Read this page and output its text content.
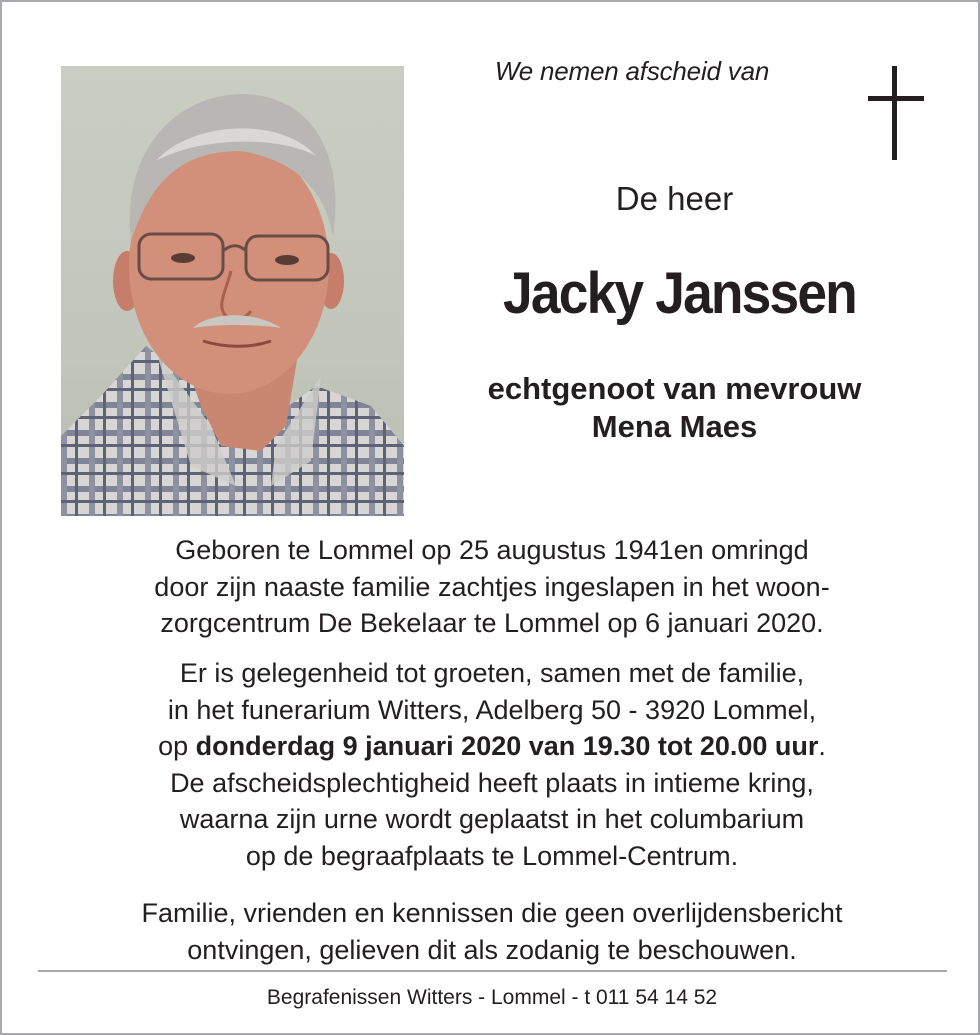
We nemen afscheid van

De heer

Jacky Janssen

echtgenoot van mevrouw
Mena Maes
Geboren te Lommel op 25 augustus 1941en omringd
door zijn naaste familie zachtjes ingeslapen in het woon-
zorgcentrum De Bekelaar te Lommel op 6 januari 2020.
Er is gelegenheid tot groeten, samen met de familie,
in het funerarium Witters, Adelberg 50 - 3920 Lommel,
op donderdag 9 januari 2020 van 19.30 tot 20.00 uur.
De afscheidsplechtigheid heeft plaats in intieme kring,
waarna zijn urne wordt geplaatst in het columbarium
op de begraafplaats te Lommel-Centrum.
Familie, vrienden en kennissen die geen overlijdensbericht
ontvingen, gelieven dit als zodanig te beschouwen.

Begrafenissen Witters - Lommel - t 011 54 14 52
